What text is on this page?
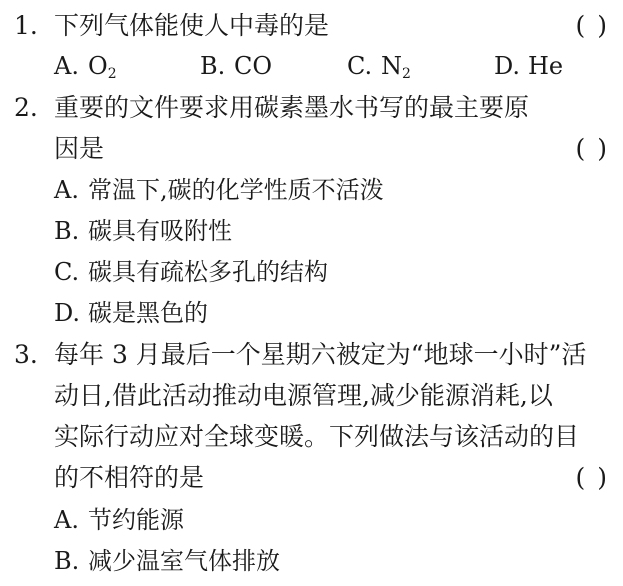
1. 下列气体能使人中毒的是	( )
A. $O_2$	B. CO	C. $N_2$	D. He
2. 重要的文件要求用碳素墨水书写的最主要原
因是	( )
A. 常温下,碳的化学性质不活泼
B. 碳具有吸附性
C. 碳具有疏松多孔的结构
D. 碳是黑色的
3. 每年 3 月最后一个星期六被定为“地球一小时”活
动日,借此活动推动电源管理,减少能源消耗,以
实际行动应对全球变暖。下列做法与该活动的目
的不相符的是	( )
A. 节约能源
B. 减少温室气体排放
